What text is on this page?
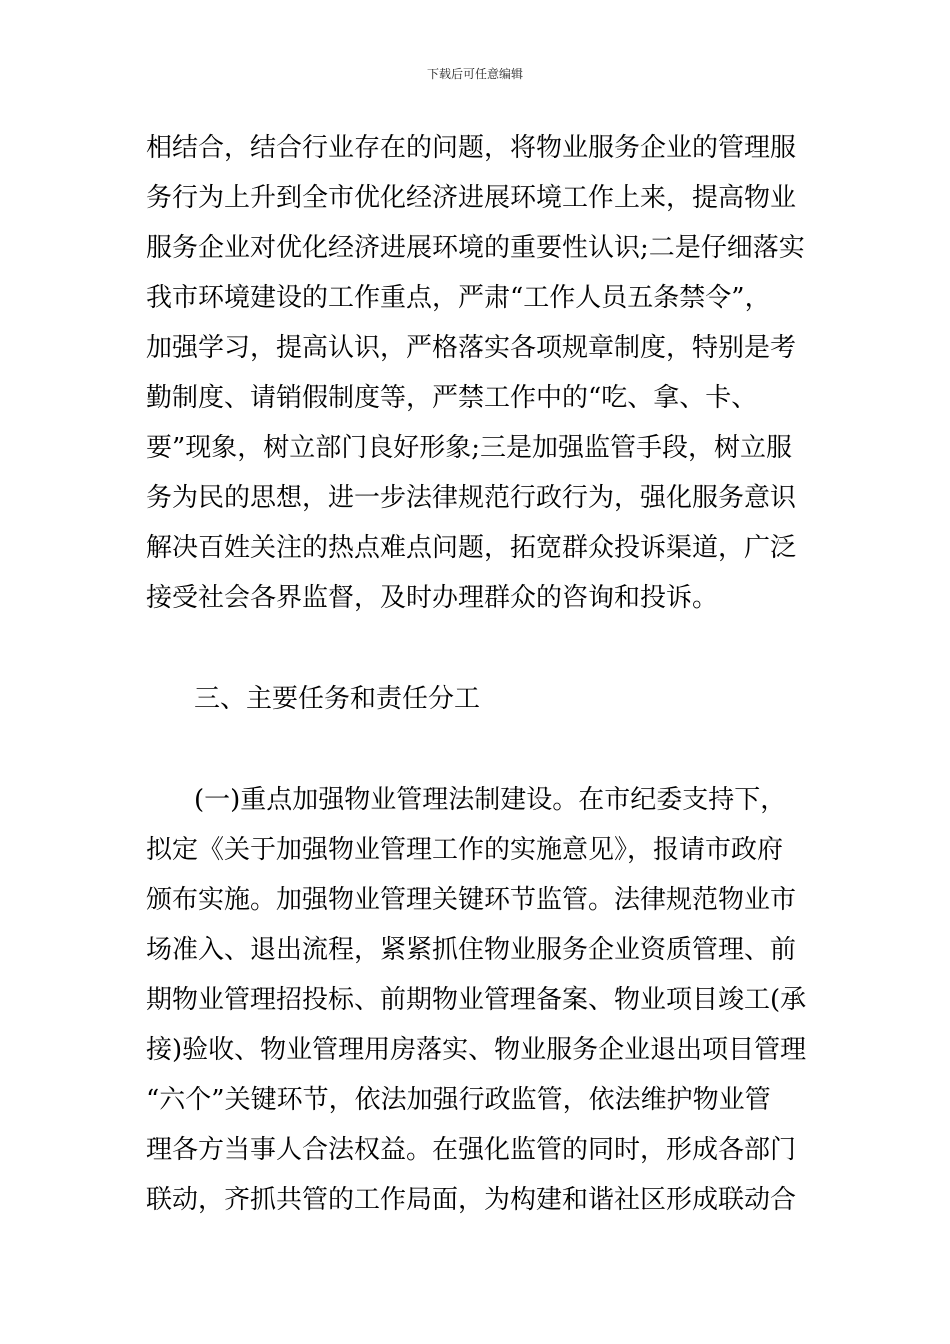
下载后可任意编辑
相结合，结合行业存在的问题，将物业服务企业的管理服
务行为上升到全市优化经济进展环境工作上来，提高物业
服务企业对优化经济进展环境的重要性认识;二是仔细落实
我市环境建设的工作重点，严肃“工作人员五条禁令”，
加强学习，提高认识，严格落实各项规章制度，特别是考
勤制度、请销假制度等，严禁工作中的“吃、拿、卡、
要”现象，树立部门良好形象;三是加强监管手段，树立服
务为民的思想，进一步法律规范行政行为，强化服务意识
解决百姓关注的热点难点问题，拓宽群众投诉渠道，广泛
接受社会各界监督，及时办理群众的咨询和投诉。
三、主要任务和责任分工
(一)重点加强物业管理法制建设。在市纪委支持下，
拟定《关于加强物业管理工作的实施意见》，报请市政府
颁布实施。加强物业管理关键环节监管。法律规范物业市
场准入、退出流程，紧紧抓住物业服务企业资质管理、前
期物业管理招投标、前期物业管理备案、物业项目竣工(承
接)验收、物业管理用房落实、物业服务企业退出项目管理
“六个”关键环节，依法加强行政监管，依法维护物业管
理各方当事人合法权益。在强化监管的同时，形成各部门
联动，齐抓共管的工作局面，为构建和谐社区形成联动合
